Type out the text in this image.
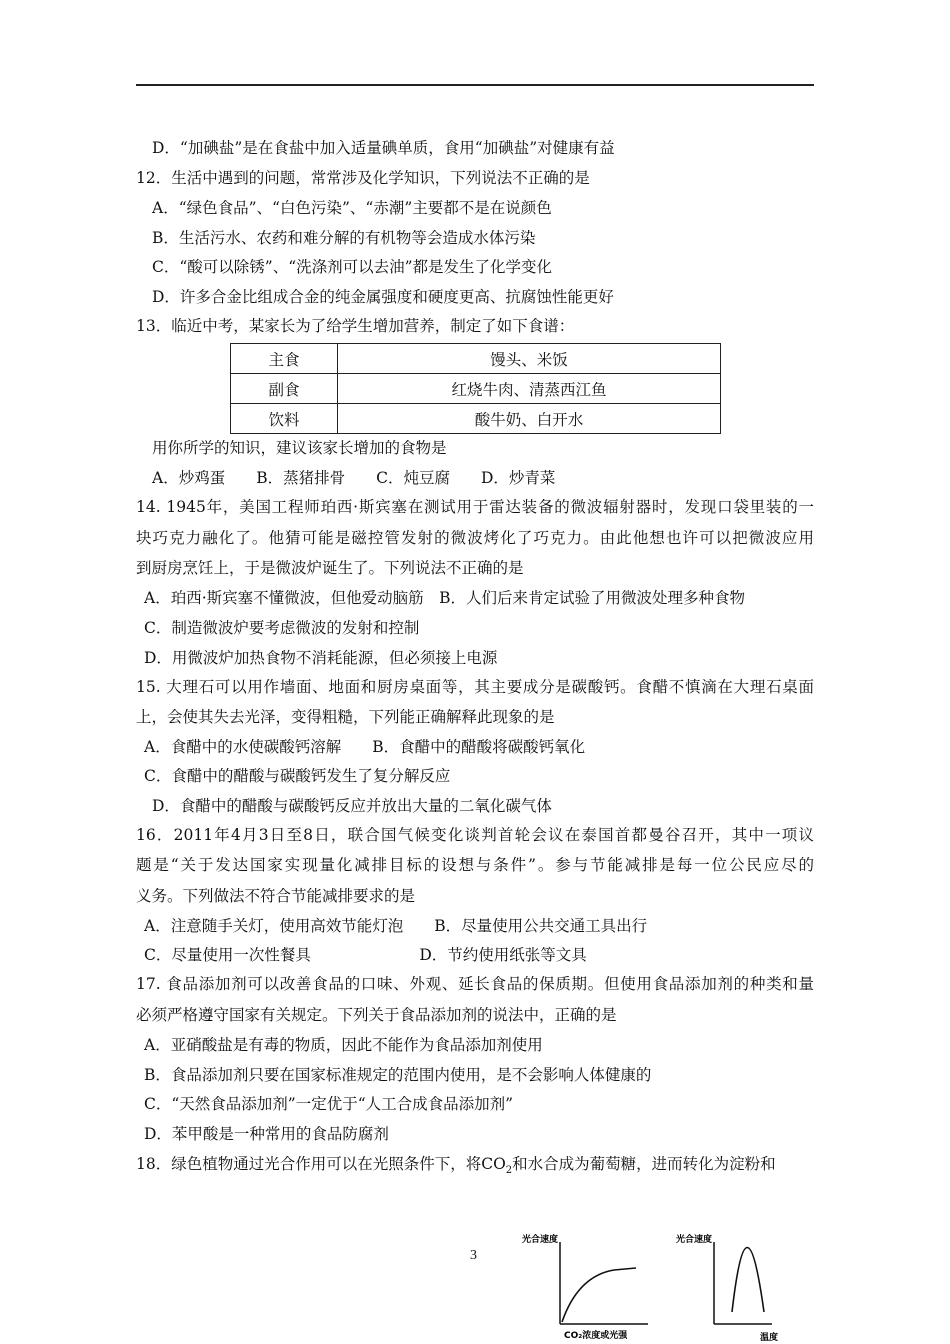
D．“加碘盐”是在食盐中加入适量碘单质，食用“加碘盐”对健康有益
12．生活中遇到的问题，常常涉及化学知识，下列说法不正确的是
A．“绿色食品”、“白色污染”、“赤潮”主要都不是在说颜色
B．生活污水、农药和难分解的有机物等会造成水体污染
C．“酸可以除锈”、“洗涤剂可以去油”都是发生了化学变化
D．许多合金比组成合金的纯金属强度和硬度更高、抗腐蚀性能更好
13．临近中考，某家长为了给学生增加营养，制定了如下食谱：
主食	馒头、米饭
副食	红烧牛肉、清蒸西江鱼
饮料	酸牛奶、白开水
用你所学的知识，建议该家长增加的食物是
A．炒鸡蛋　　B．蒸猪排骨　　C．炖豆腐　　D．炒青菜
14. 1945年，美国工程师珀西·斯宾塞在测试用于雷达装备的微波辐射器时，发现口袋里装的一
块巧克力融化了。他猜可能是磁控管发射的微波烤化了巧克力。由此他想也许可以把微波应用
到厨房烹饪上，于是微波炉诞生了。下列说法不正确的是
A．珀西·斯宾塞不懂微波，但他爱动脑筋　B．人们后来肯定试验了用微波处理多种食物
C．制造微波炉要考虑微波的发射和控制
D．用微波炉加热食物不消耗能源，但必须接上电源
15. 大理石可以用作墙面、地面和厨房桌面等，其主要成分是碳酸钙。食醋不慎滴在大理石桌面
上，会使其失去光泽，变得粗糙，下列能正确解释此现象的是
A．食醋中的水使碳酸钙溶解　　B．食醋中的醋酸将碳酸钙氧化
C．食醋中的醋酸与碳酸钙发生了复分解反应
D．食醋中的醋酸与碳酸钙反应并放出大量的二氧化碳气体
16．2011年4月3日至8日，联合国气候变化谈判首轮会议在泰国首都曼谷召开，其中一项议
题是“关于发达国家实现量化减排目标的设想与条件”。参与节能减排是每一位公民应尽的
义务。下列做法不符合节能减排要求的是
A．注意随手关灯，使用高效节能灯泡　　B．尽量使用公共交通工具出行
C．尽量使用一次性餐具　　　　　　　D．节约使用纸张等文具
17. 食品添加剂可以改善食品的口味、外观、延长食品的保质期。但使用食品添加剂的种类和量
必须严格遵守国家有关规定。下列关于食品添加剂的说法中，正确的是
A．亚硝酸盐是有毒的物质，因此不能作为食品添加剂使用
B．食品添加剂只要在国家标准规定的范围内使用，是不会影响人体健康的
C．“天然食品添加剂”一定优于“人工合成食品添加剂”
D．苯甲酸是一种常用的食品防腐剂
18．绿色植物通过光合作用可以在光照条件下，将$CO_2$和水合成为葡萄糖，进而转化为淀粉和
3
光合速度
CO₂浓度或光强
光合速度
温度
